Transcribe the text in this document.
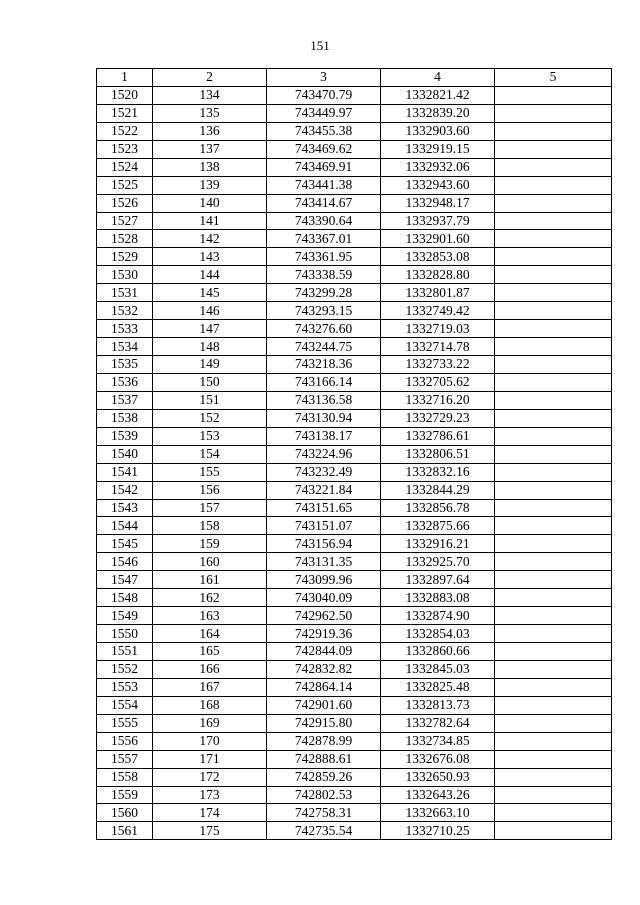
151
1	2	3	4	5
1520	134	743470.79	1332821.42	
1521	135	743449.97	1332839.20	
1522	136	743455.38	1332903.60	
1523	137	743469.62	1332919.15	
1524	138	743469.91	1332932.06	
1525	139	743441.38	1332943.60	
1526	140	743414.67	1332948.17	
1527	141	743390.64	1332937.79	
1528	142	743367.01	1332901.60	
1529	143	743361.95	1332853.08	
1530	144	743338.59	1332828.80	
1531	145	743299.28	1332801.87	
1532	146	743293.15	1332749.42	
1533	147	743276.60	1332719.03	
1534	148	743244.75	1332714.78	
1535	149	743218.36	1332733.22	
1536	150	743166.14	1332705.62	
1537	151	743136.58	1332716.20	
1538	152	743130.94	1332729.23	
1539	153	743138.17	1332786.61	
1540	154	743224.96	1332806.51	
1541	155	743232.49	1332832.16	
1542	156	743221.84	1332844.29	
1543	157	743151.65	1332856.78	
1544	158	743151.07	1332875.66	
1545	159	743156.94	1332916.21	
1546	160	743131.35	1332925.70	
1547	161	743099.96	1332897.64	
1548	162	743040.09	1332883.08	
1549	163	742962.50	1332874.90	
1550	164	742919.36	1332854.03	
1551	165	742844.09	1332860.66	
1552	166	742832.82	1332845.03	
1553	167	742864.14	1332825.48	
1554	168	742901.60	1332813.73	
1555	169	742915.80	1332782.64	
1556	170	742878.99	1332734.85	
1557	171	742888.61	1332676.08	
1558	172	742859.26	1332650.93	
1559	173	742802.53	1332643.26	
1560	174	742758.31	1332663.10	
1561	175	742735.54	1332710.25	
